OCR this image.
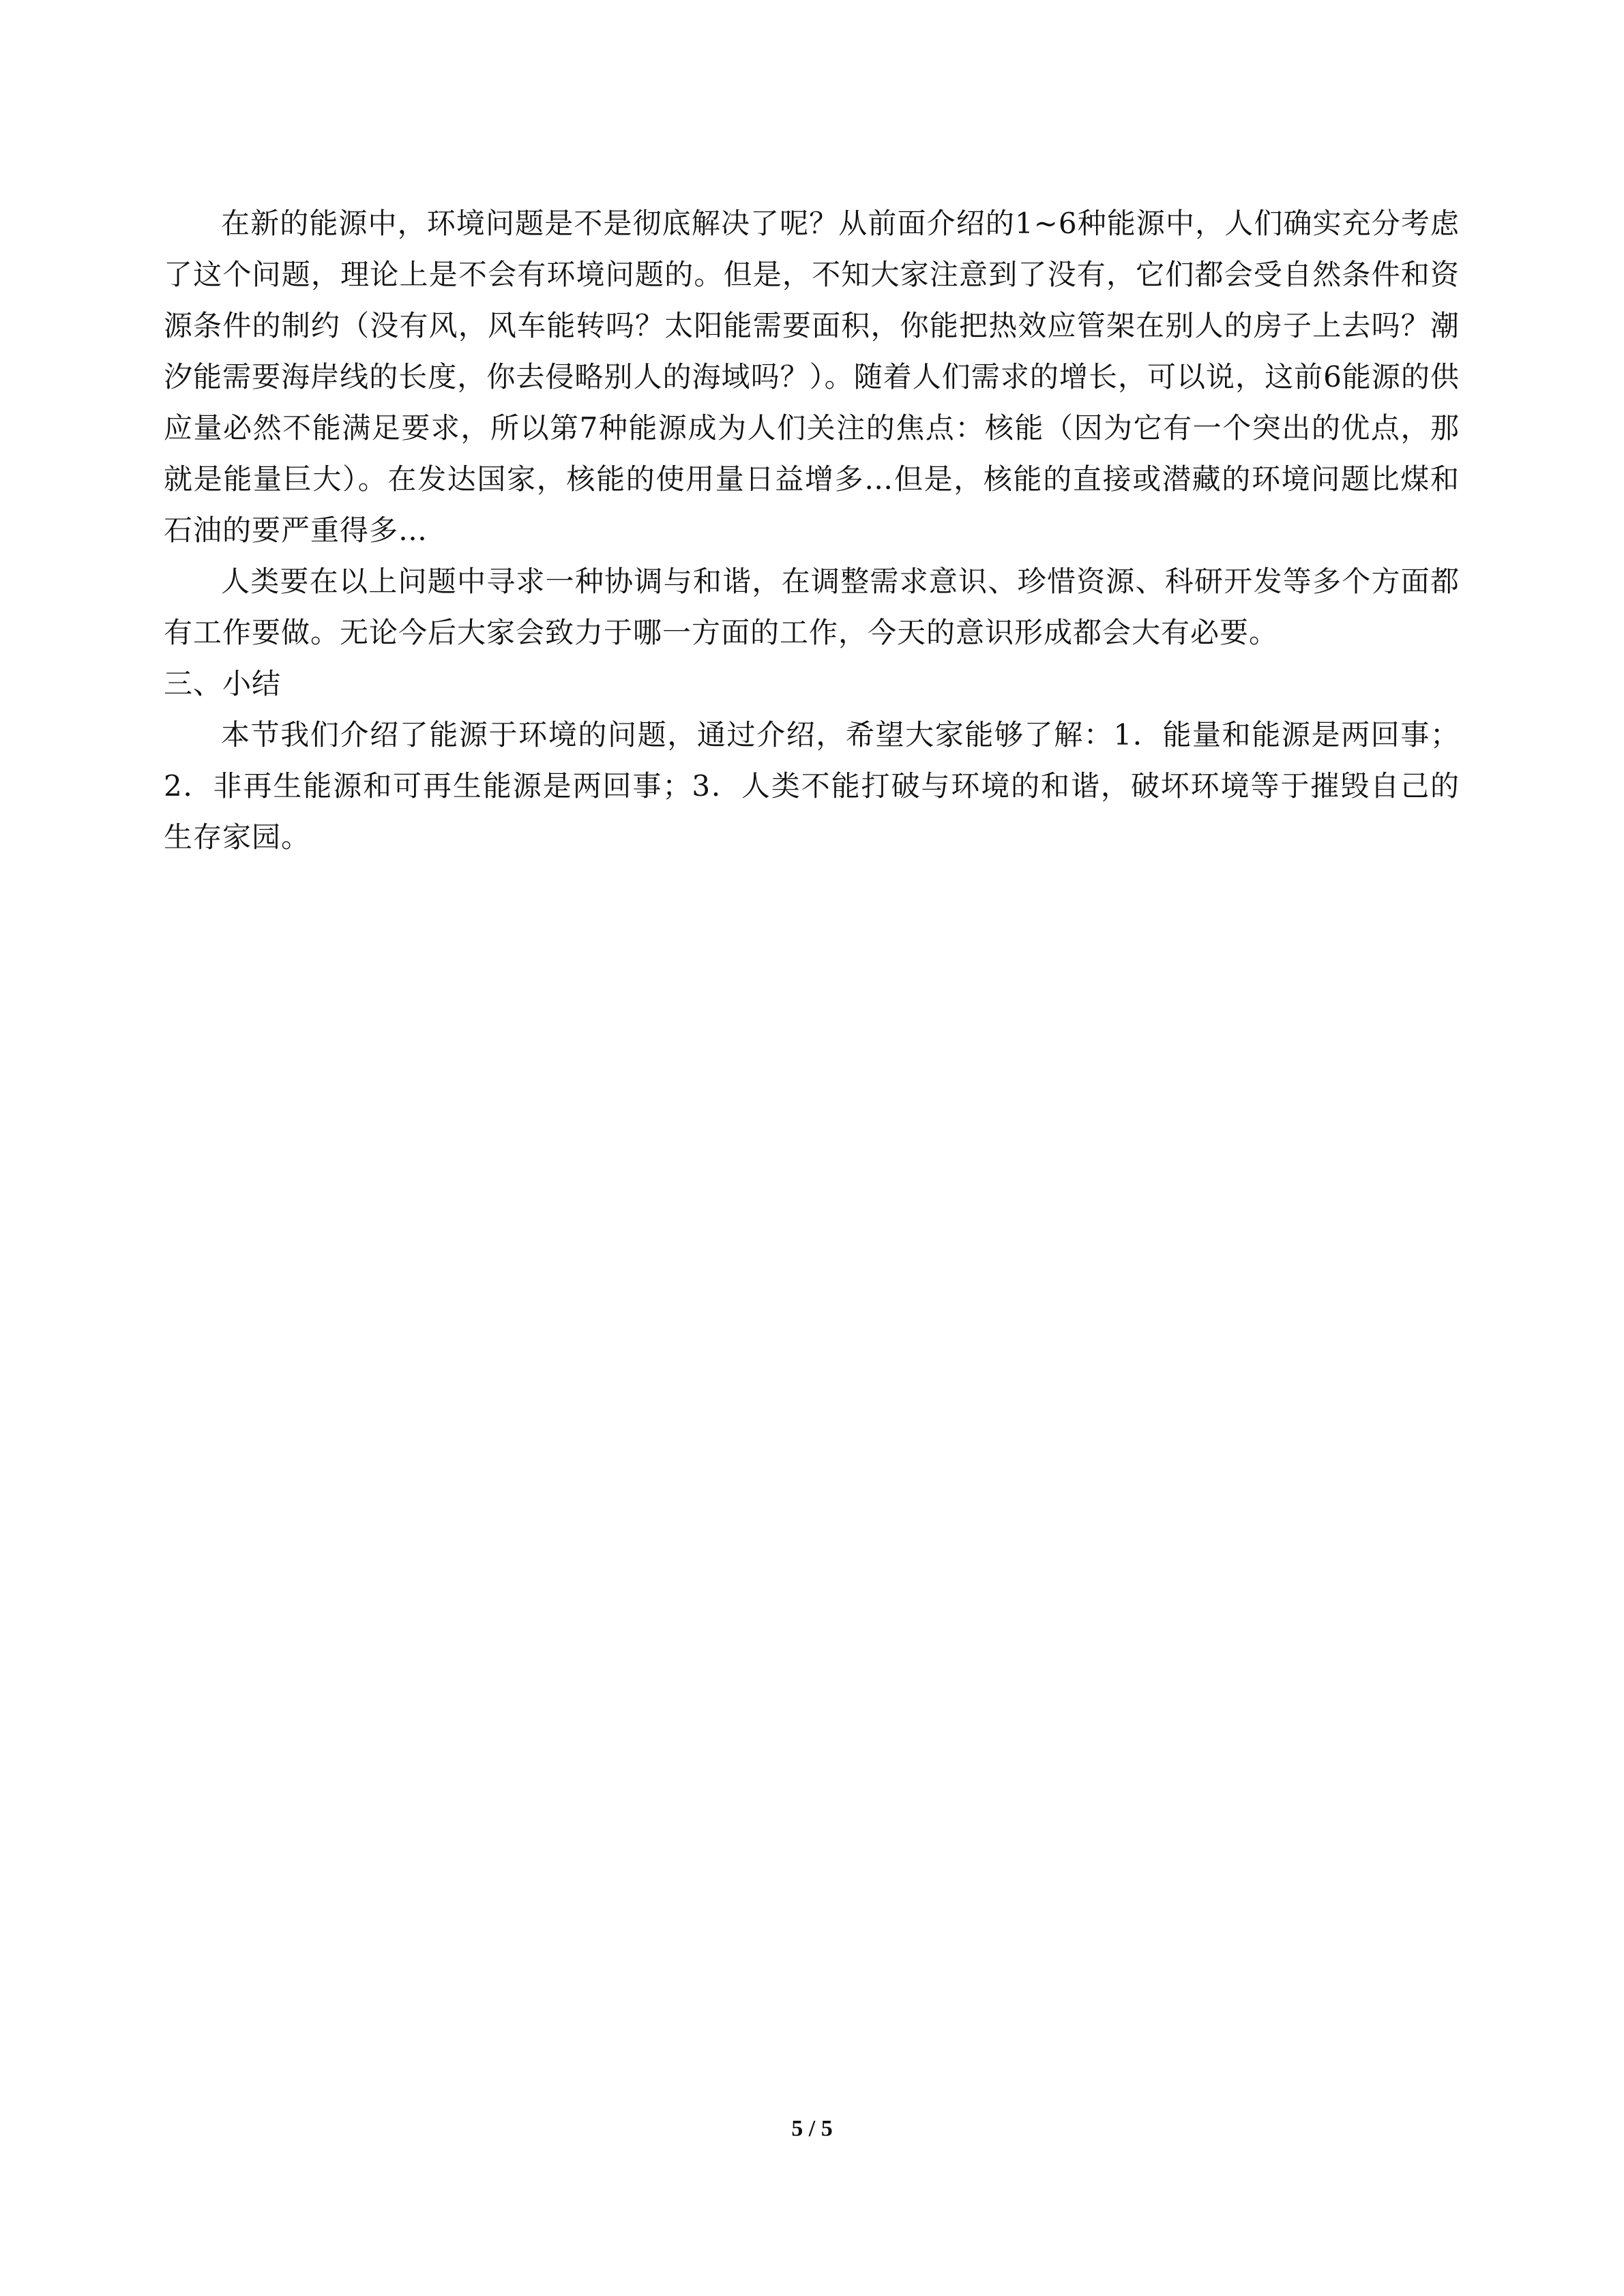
在新的能源中，环境问题是不是彻底解决了呢？从前面介绍的1~6种能源中，人们确实充分考虑了这个问题，理论上是不会有环境问题的。但是，不知大家注意到了没有，它们都会受自然条件和资源条件的制约（没有风，风车能转吗？太阳能需要面积，你能把热效应管架在别人的房子上去吗？潮汐能需要海岸线的长度，你去侵略别人的海域吗？）。随着人们需求的增长，可以说，这前6能源的供应量必然不能满足要求，所以第7种能源成为人们关注的焦点：核能（因为它有一个突出的优点，那就是能量巨大）。在发达国家，核能的使用量日益增多…但是，核能的直接或潜藏的环境问题比煤和石油的要严重得多…

人类要在以上问题中寻求一种协调与和谐，在调整需求意识、珍惜资源、科研开发等多个方面都有工作要做。无论今后大家会致力于哪一方面的工作，今天的意识形成都会大有必要。

三、小结

本节我们介绍了能源于环境的问题，通过介绍，希望大家能够了解：1．能量和能源是两回事；2．非再生能源和可再生能源是两回事；3．人类不能打破与环境的和谐，破坏环境等于摧毁自己的生存家园。

5 / 5
